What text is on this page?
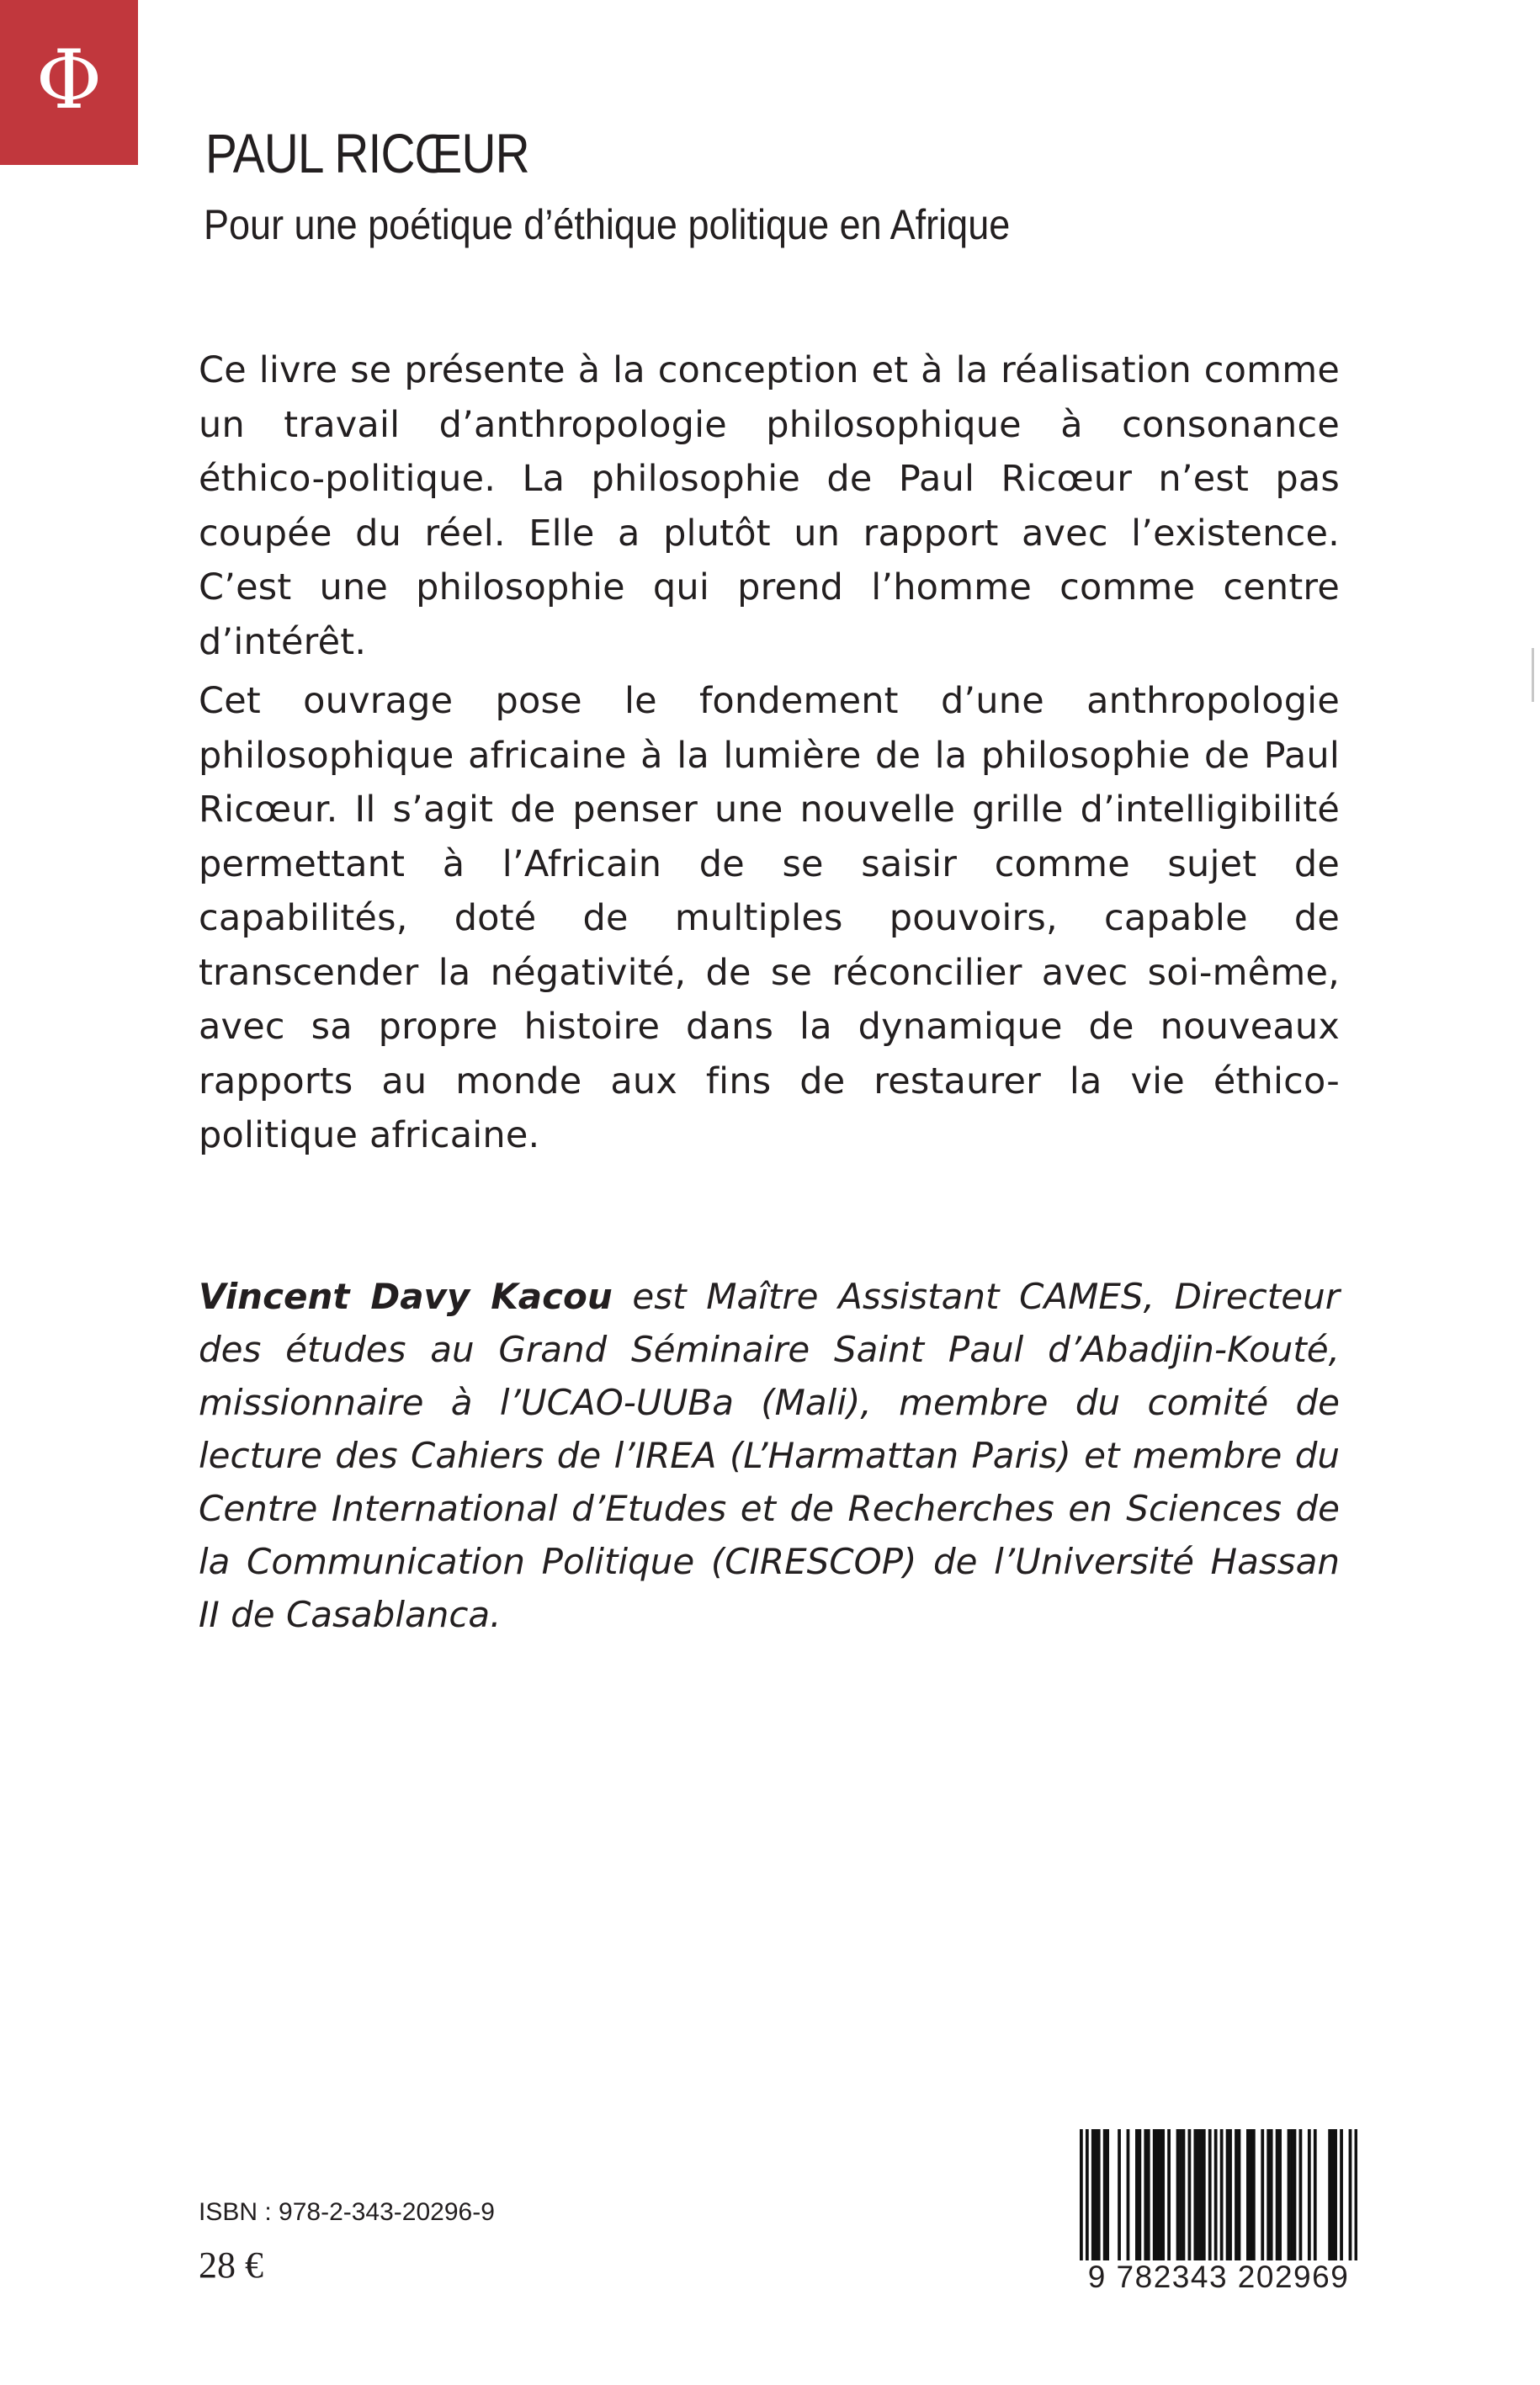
Φ
PAUL RICŒUR
Pour une poétique d’éthique politique en Afrique

Ce livre se présente à la conception et à la réalisation comme un travail d’anthropologie philosophique à consonance éthico-politique. La philosophie de Paul Ricœur n’est pas coupée du réel. Elle a plutôt un rapport avec l’existence. C’est une philosophie qui prend l’homme comme centre d’intérêt.

Cet ouvrage pose le fondement d’une anthropologie philosophique africaine à la lumière de la philosophie de Paul Ricœur. Il s’agit de penser une nouvelle grille d’intelligibilité permettant à l’Africain de se saisir comme sujet de capabilités, doté de multiples pouvoirs, capable de transcender la négativité, de se réconcilier avec soi-même, avec sa propre histoire dans la dynamique de nouveaux rapports au monde aux fins de restaurer la vie éthico-politique africaine.

Vincent Davy Kacou est Maître Assistant CAMES, Directeur des études au Grand Séminaire Saint Paul d’Abadjin-Kouté, missionnaire à l’UCAO-UUBa (Mali), membre du comité de lecture des Cahiers de l’IREA (L’Harmattan Paris) et membre du Centre International d’Etudes et de Recherches en Sciences de la Communication Politique (CIRESCOP) de l’Université Hassan II de Casablanca.

ISBN : 978-2-343-20296-9
28 €	9 782343 202969
